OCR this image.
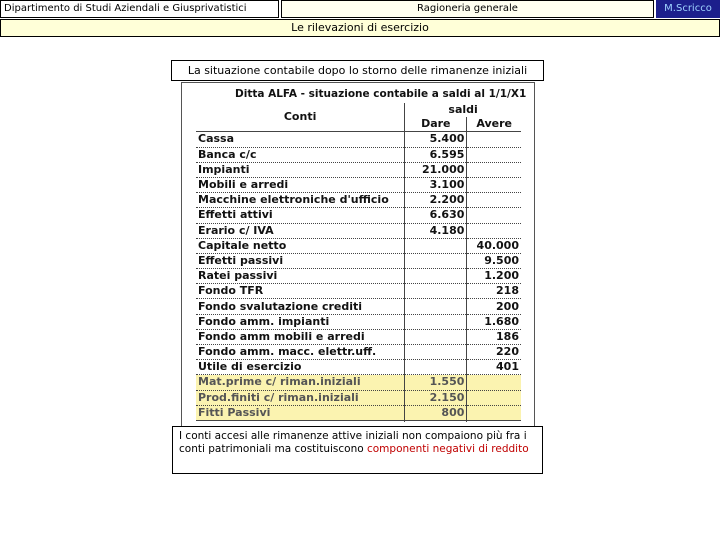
Dipartimento di Studi Aziendali e Giusprivatistici	Ragioneria generale	M.Scricco
Le rilevazioni di esercizio
La situazione contabile dopo lo storno delle rimanenze iniziali
Ditta ALFA - situazione contabile a saldi al 1/1/X1
Conti	saldi	
	Dare	Avere
Cassa	5.400	
Banca c/c	6.595	
Impianti	21.000	
Mobili e arredi	3.100	
Macchine elettroniche d'ufficio	2.200	
Effetti attivi	6.630	
Erario c/ IVA	4.180	
Capitale netto		40.000
Effetti passivi		9.500
Ratei passivi		1.200
Fondo TFR		218
Fondo svalutazione crediti		200
Fondo amm. impianti		1.680
Fondo amm mobili e arredi		186
Fondo amm. macc. elettr.uff.		220
Utile di esercizio		401
Mat.prime c/ riman.iniziali	1.550	
Prod.finiti c/ riman.iniziali	2.150	
Fitti Passivi	800	

I conti accesi alle rimanenze attive iniziali non compaiono più fra i conti patrimoniali ma costituiscono componenti negativi di reddito
